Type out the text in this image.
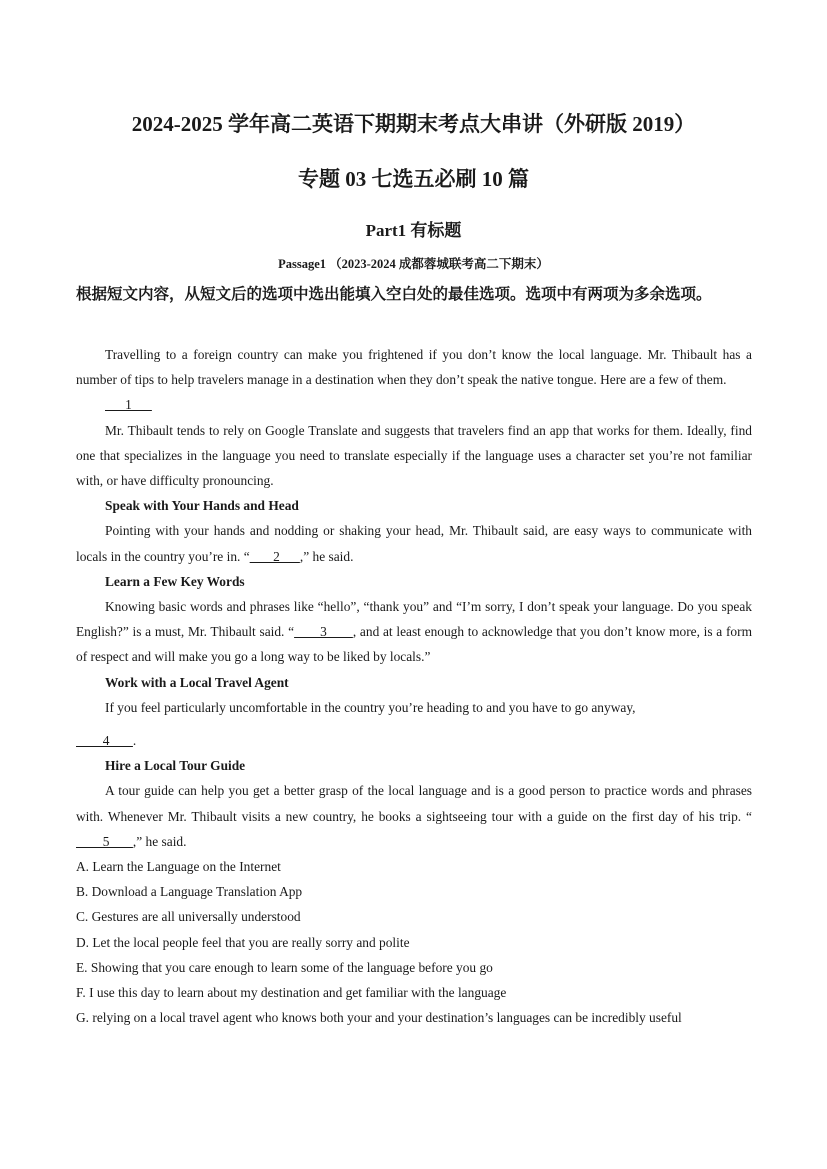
2024-2025 学年高二英语下期期末考点大串讲（外研版 2019）
专题 03 七选五必刷 10 篇
Part1 有标题
Passage1 （2023-2024 成都蓉城联考高二下期末）
根据短文内容，从短文后的选项中选出能填入空白处的最佳选项。选项中有两项为多余选项。

Travelling to a foreign country can make you frightened if you don’t know the local language. Mr. Thibault has a number of tips to help travelers manage in a destination when they don’t speak the native tongue. Here are a few of them.

1

Mr. Thibault tends to rely on Google Translate and suggests that travelers find an app that works for them. Ideally, find one that specializes in the language you need to translate especially if the language uses a character set you’re not familiar with, or have difficulty pronouncing.

Speak with Your Hands and Head

Pointing with your hands and nodding or shaking your head, Mr. Thibault said, are easy ways to communicate with locals in the country you’re in. “       2      ,” he said.

Learn a Few Key Words

Knowing basic words and phrases like “hello”, “thank you” and “I’m sorry, I don’t speak your language. Do you speak English?” is a must, Mr. Thibault said. “       3       , and at least enough to acknowledge that you don’t know more, is a form of respect and will make you go a long way to be liked by locals.”

Work with a Local Travel Agent

If you feel particularly uncomfortable in the country you’re heading to and you have to go anyway,

4       .

Hire a Local Tour Guide

A tour guide can help you get a better grasp of the local language and is a good person to practice words and phrases with. Whenever Mr. Thibault visits a new country, he books a sightseeing tour with a guide on the first day of his trip. “        5       ,” he said.

A. Learn the Language on the Internet

B. Download a Language Translation App

C. Gestures are all universally understood

D. Let the local people feel that you are really sorry and polite

E. Showing that you care enough to learn some of the language before you go

F. I use this day to learn about my destination and get familiar with the language

G. relying on a local travel agent who knows both your and your destination’s languages can be incredibly useful
